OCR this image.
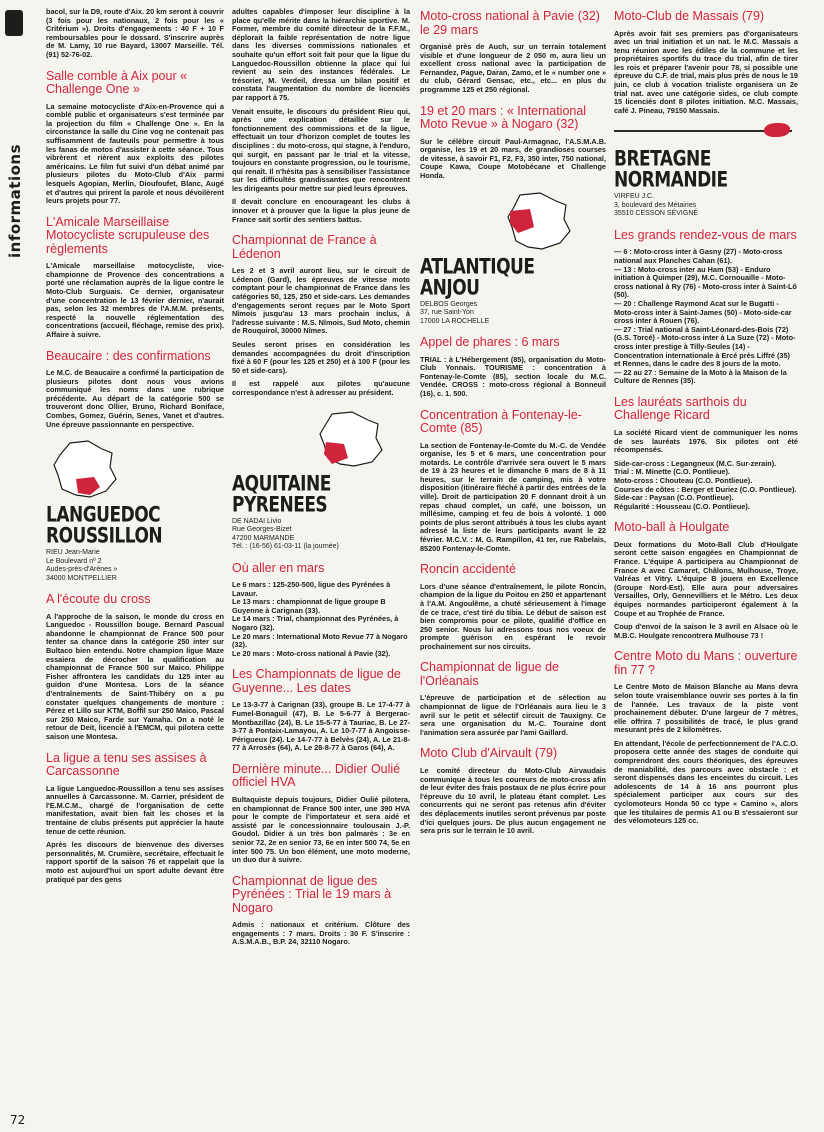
informations
72

bacol, sur la D9, route d'Aix. 20 km seront à couvrir (3 fois pour les nationaux, 2 fois pour les « Critérium »). Droits d'engagements : 40 F + 10 F remboursables pour le dossard. S'inscrire auprès de M. Lamy, 10 rue Bayard, 13007 Marseille. Tél. (91) 52-76-02.

Salle comble à Aix pour « Challenge One »

La semaine motocycliste d'Aix-en-Provence qui a comblé public et organisateurs s'est terminée par la projection du film « Challenge One ». En la circonstance la salle du Cine vog ne contenait pas suffisamment de fauteuils pour permettre à tous les fanas de motos d'assister à cette séance. Tous vibrèrent et rièrent aux exploits des pilotes américains. Le film fut suivi d'un débat animé par plusieurs pilotes du Moto-Club d'Aix parmi lesquels Agopian, Merlin, Dioufoufet, Blanc, Augé et d'autres qui prirent la parole et nous dévoilèrent leurs projets pour 77.

L'Amicale Marseillaise Motocycliste scrupuleuse des règlements

L'Amicale marseillaise motocycliste, vice-championne de Provence des concentrations a porté une réclamation auprès de la ligue contre le Moto-Club Surguais. Ce dernier, organisateur d'une concentration le 13 février dernier, n'aurait pas, selon les 32 membres de l'A.M.M. présents, respecté la nouvelle réglementation des concentrations (accueil, fléchage, remise des prix). Affaire à suivre.

Beaucaire : des confirmations

Le M.C. de Beaucaire a confirmé la participation de plusieurs pilotes dont nous vous avions communiqué les noms dans une rubrique précédente. Au départ de la catégorie 500 se trouveront donc Ollier, Bruno, Richard Boniface, Combes, Gomez, Guérin, Senes, Vanet et d'autres. Une épreuve passionnante en perspective.

LANGUEDOC
ROUSSILLON
RIEU Jean-Marie
Le Boulevard nº 2
Audes-près-d'Arènes »
34000 MONTPELLIER
A l'écoute du cross

A l'approche de la saison, le monde du cross en Languedoc - Roussillon bouge. Bernard Pascual abandonne le championnat de France 500 pour tenter sa chance dans la catégorie 250 inter sur Bultaco bien entendu. Notre champion ligue Maze essaiera de décrocher la qualification au championnat de France 500 sur Maico. Philippe Fisher affrontera les candidats du 125 inter au guidon d'une Montesa. Lors de la séance d'entraînements de Saint-Thibéry on a pu constater quelques changements de monture : Pérez et Lillo sur KTM, Boffil sur 250 Maico, Pascal sur 250 Maico, Farde sur Yamaha. On a noté le retour de Deit, licencié à l'EMCM, qui pilotera cette saison une Montesa.

La ligue a tenu ses assises à Carcassonne

La ligue Languedoc-Roussillon a tenu ses assises annuelles à Carcassonne. M. Carrier, président de l'E.M.C.M., chargé de l'organisation de cette manifestation, avait bien fait les choses et la trentaine de clubs présents put apprécier la haute tenue de cette réunion.

Après les discours de bienvenue des diverses personnalités, M. Crumière, secrétaire, effectuait le rapport sportif de la saison 76 et rappelait que la moto est aujourd'hui un sport adulte devant être pratiqué par des gens

adultes capables d'imposer leur discipline à la place qu'elle mérite dans la hiérarchie sportive. M. Former, membre du comité directeur de la F.F.M., déplorait la faible représentation de notre ligue dans les diverses commissions nationales et souhaite qu'un effort soit fait pour que la ligue du Languedoc-Roussillon obtienne la place qui lui revient au sein des instances fédérales. Le trésorier, M. Verdeil, dressa un bilan positif et constata l'augmentation du nombre de licenciés par rapport à 75.

Venait ensuite, le discours du président Rieu qui, après une explication détaillée sur le fonctionnement des commissions et de la ligue, effectuait un tour d'horizon complet de toutes les disciplines : du moto-cross, qui stagne, à l'enduro, qui surgit, en passant par le trial et la vitesse, toujours en constante progression, ou le tourisme, qui renaît. Il n'hésita pas à sensibiliser l'assistance sur les difficultés grandissantes que rencontrent les dirigeants pour mettre sur pied leurs épreuves.

Il devait conclure en encourageant les clubs à innover et à prouver que la ligue la plus jeune de France sait sortir des sentiers battus.

Championnat de France à Lédenon

Les 2 et 3 avril auront lieu, sur le circuit de Lédenon (Gard), les épreuves de vitesse moto comptant pour le championnat de France dans les catégories 50, 125, 250 et side-cars. Les demandes d'engagements seront reçues par le Moto Sport Nîmois jusqu'au 13 mars prochain inclus, à l'adresse suivante : M.S. Nîmois, Sud Moto, chemin de Rouquirol, 30000 Nîmes.

Seules seront prises en considération les demandes accompagnées du droit d'inscription fixé à 60 F (pour les 125 et 250) et à 100 F (pour les 50 et side-cars).

Il est rappelé aux pilotes qu'aucune correspondance n'est à adresser au président.

AQUITAINE
PYRENEES
DE NADAI Livio
Rue Georges-Bizet
47200 MARMANDE
Tél. : (16-56) 61-03-11 (la journée)
Où aller en mars
Le 6 mars : 125-250-500, ligue des Pyrénées à Lavaur.
Le 13 mars : championnat de ligue groupe B Guyenne à Carignan (33).
Le 14 mars : Trial, championnat des Pyrénées, à Nogaro (32).
Le 20 mars : International Moto Revue 77 à Nogaro (32).
Le 20 mars : Moto-cross national à Pavie (32).
Les Championnats de ligue de Guyenne... Les dates

Le 13-3-77 à Carignan (33), groupe B. Le 17-4-77 à Fumel-Bonaguil (47), B. Le 5-6-77 à Bergerac-Montbazillac (24), B. Le 15-5-77 à Tauriac, B. Le 27-3-77 à Pontaix-Lamayou, A. Le 10-7-77 à Angoisse-Périgueux (24). Le 14-7-77 à Belvès (24), A. Le 21-8-77 à Arrosès (64), A. Le 28-8-77 à Garos (64), A.

Dernière minute... Didier Oulié officiel HVA

Bultaquiste depuis toujours, Didier Oulié pilotera, en championnat de France 500 inter, une 390 HVA pour le compte de l'importateur et sera aidé et assisté par le concessionnaire toulousain J.-P. Goudol. Didier à un très bon palmarès : 3e en senior 72, 2e en senior 73, 6e en inter 500 74, 5e en inter 500 75. Un bon élément, une moto moderne, un duo dur à suivre.

Championnat de ligue des Pyrénées : Trial le 19 mars à Nogaro

Admis : nationaux et critérium. Clôture des engagements : 7 mars. Droits : 30 F. S'inscrire : A.S.M.A.B., B.P. 24, 32110 Nogaro.

Moto-cross national à Pavie (32) le 29 mars

Organisé près de Auch, sur un terrain totalement visible et d'une longueur de 2 050 m, aura lieu un excellent cross national avec la participation de Fernandez, Pague, Daran, Zamo, et le « number one » du club, Gérard Gensac, etc., etc... en plus du programme 125 et 250 régional.

19 et 20 mars : « International Moto Revue » à Nogaro (32)

Sur le célèbre circuit Paul-Armagnac, l'A.S.M.A.B. organise, les 19 et 20 mars, de grandioses courses de vitesse, à savoir F1, F2, F3, 350 inter, 750 national, Coupe Kawa, Coupe Motobécane et Challenge Honda.

ATLANTIQUE
ANJOU
DELBOS Georges
37, rue Saint-Yon
17000 LA ROCHELLE
Appel de phares : 6 mars

TRIAL : à L'Hébergement (85), organisation du Moto-Club Yonnais. TOURISME : concentration à Fontenay-le-Comte (85), section locale du M.C. Vendée. CROSS : moto-cross régional à Bonneuil (16), c. 1. 500.

Concentration à Fontenay-le-Comte (85)

La section de Fontenay-le-Comte du M.-C. de Vendée organise, les 5 et 6 mars, une concentration pour motards. Le contrôle d'arrivée sera ouvert le 5 mars de 19 à 23 heures et le dimanche 6 mars de 8 à 11 heures, sur le terrain de camping, mis à votre disposition (itinéraire fléché à partir des entrées de la ville). Droit de participation 20 F donnant droit à un repas chaud complet, un café, une boisson, un millésime, camping et feu de bois à volonté. 1 000 points de plus seront attribués à tous les clubs ayant adressé la liste de leurs participants avant le 22 février. M.C.V. : M. G. Rampillon, 41 ter, rue Rabelais, 85200 Fontenay-le-Comte.

Roncin accidenté

Lors d'une séance d'entraînement, le pilote Roncin, champion de la ligue du Poitou en 250 et appartenant à l'A.M. Angoulême, a chuté sérieusement à l'image de ce trace, c'est tiré du tibia. Le début de saison est bien compromis pour ce pilote, qualifié d'office en 250 senior. Nous lui adressons tous nos voeux de prompte guérison en espérant le revoir prochainement sur nos circuits.

Championnat de ligue de l'Orléanais

L'épreuve de participation et de sélection au championnat de ligue de l'Orléanais aura lieu le 3 avril sur le petit et sélectif circuit de Tauxigny. Ce sera une organisation du M.-C. Touraine dont l'animation sera assurée par l'ami Gaillard.

Moto Club d'Airvault (79)

Le comité directeur du Moto-Club Airvaudais communique à tous les coureurs de moto-cross afin de leur éviter des frais postaux de ne plus écrire pour l'épreuve du 10 avril, le plateau étant complet. Les concurrents qui ne seront pas retenus afin d'éviter des déplacements inutiles seront prévenus par poste d'ici quelques jours. De plus aucun engagement ne sera pris sur le terrain le 10 avril.

Moto-Club de Massais (79)

Après avoir fait ses premiers pas d'organisateurs avec un trial initiation et un nat. le M.C. Massais a tenu réunion avec les édiles de la commune et les propriétaires sportifs du trace du trial, afin de tirer les rois et préparer l'avenir pour 78, si possible une épreuve du C.F. de trial, mais plus près de nous le 19 juin, ce club à vocation trialiste organisera un 2e trial nat. avec une catégorie sides, ce club compte 15 licenciés dont 8 pilotes initiation. M.C. Massais, café J. Pineau, 79150 Massais.

BRETAGNE
NORMANDIE
VIRFEU J.C.
3, boulevard des Métairies
35510 CESSON SÉVIGNÉ
Les grands rendez-vous de mars
— 6 : Moto-cross inter à Gasny (27) - Moto-cross national aux Planches Cahan (61).
— 13 : Moto-cross inter au Ham (53) - Enduro initiation à Quimper (29), M.C. Cornouaille - Moto-cross national à Ry (76) - Moto-cross inter à Saint-Lô (50).
— 20 : Challenge Raymond Acat sur le Bugatti - Moto-cross inter à Saint-James (50) - Moto-side-car cross inter à Rouen (76).
— 27 : Trial national à Saint-Léonard-des-Bois (72) (G.S. Torcé) - Moto-cross inter à La Suze (72) - Moto-cross inter prestige à Tilly-Seules (14) - Concentration internationale à Ercé près Liffré (35) et Rennes, dans le cadre des 8 jours de la moto.
— 22 au 27 : Semaine de la Moto à la Maison de la Culture de Rennes (35).
Les lauréats sarthois du Challenge Ricard

La société Ricard vient de communiquer les noms de ses lauréats 1976. Six pilotes ont été récompensés.

Side-car-cross : Legangneux (M.C. Sur-zerain).
Trial : M. Minette (C.O. Pontlieue).
Moto-cross : Chouteau (C.O. Pontlieue).
Courses de côtes : Berger et Duriez (C.O. Pontlieue).
Side-car : Paysan (C.O. Pontlieue).
Régularité : Housseau (C.O. Pontlieue).
Moto-ball à Houlgate

Deux formations du Moto-Ball Club d'Houlgate seront cette saison engagées en Championnat de France. L'équipe A participera au Championnat de France A avec Camaret, Châlons, Mulhouse, Troye, Valréas et Vitry. L'équipe B jouera en Excellence (Groupe Nord-Est). Elle aura pour adversaires Versailles, Orly, Gennevilliers et le Métro. Les deux équipes normandes participeront également à la Coupe et au Trophée de France.

Coup d'envoi de la saison le 3 avril en Alsace où le M.B.C. Houlgate rencontrera Mulhouse 73 !

Centre Moto du Mans : ouverture fin 77 ?

Le Centre Moto de Maison Blanche au Mans devra selon toute vraisemblance ouvrir ses portes à la fin de l'année. Les travaux de la piste vont prochainement débuter. D'une largeur de 7 mètres, elle offrira 7 possibilités de tracé, le plus grand mesurant près de 2 kilomètres.

En attendant, l'école de perfectionnement de l'A.C.O. proposera cette année des stages de conduite qui comprendront des cours théoriques, des épreuves de maniabilité, des parcours avec obstacle : et seront dispensés dans les enceintes du circuit. Les adolescents de 14 à 16 ans pourront plus spécialement participer aux cours sur des cyclomoteurs Honda 50 cc type « Camino », alors que les titulaires de permis A1 ou B s'essaieront sur des vélomoteurs 125 cc.
